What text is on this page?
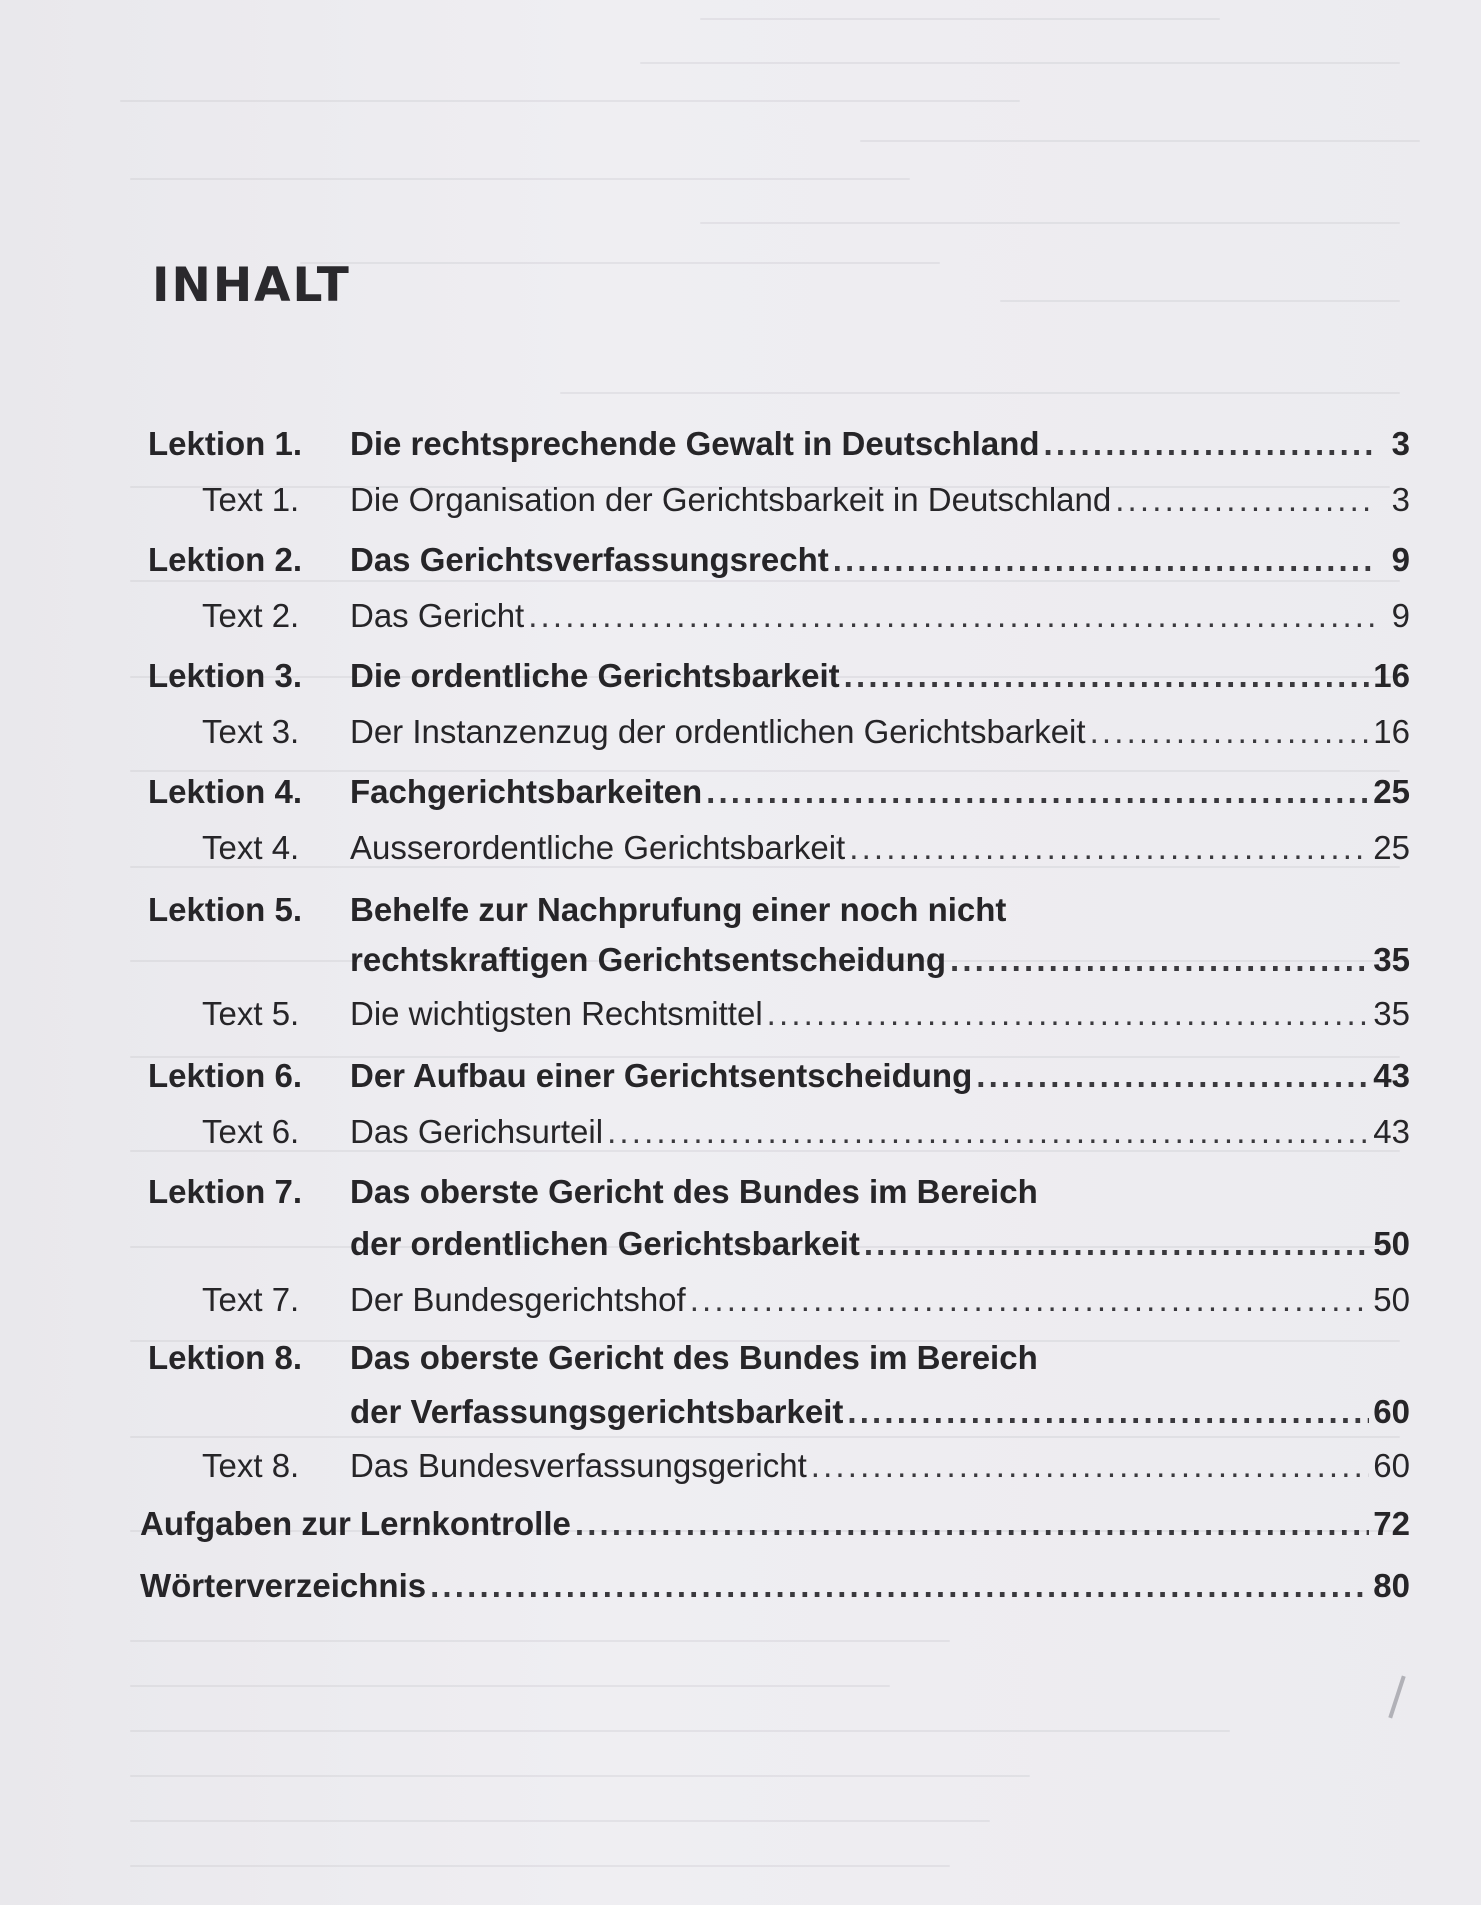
INHALT
Lektion 1. Die rechtsprechende Gewalt in Deutschland . . .	3
Text 1. Die Organisation der Gerichtsbarkeit in Deutschland . . .	3
Lektion 2. Das Gerichtsverfassungsrecht . . .	9
Text 2. Das Gericht . . .	9
Lektion 3. Die ordentliche Gerichtsbarkeit . . .	16
Text 3. Der Instanzenzug der ordentlichen Gerichtsbarkeit . . .	16
Lektion 4. Fachgerichtsbarkeiten . . .	25
Text 4. Ausserordentliche Gerichtsbarkeit . . .	25
Lektion 5. Behelfe zur Nachprufung einer noch nicht
rechtskraftigen Gerichtsentscheidung . . .	35
Text 5. Die wichtigsten Rechtsmittel . . .	35
Lektion 6. Der Aufbau einer Gerichtsentscheidung . . .	43
Text 6. Das Gerichsurteil . . .	43
Lektion 7. Das oberste Gericht des Bundes im Bereich
der ordentlichen Gerichtsbarkeit . . .	50
Text 7. Der Bundesgerichtshof . . .	50
Lektion 8. Das oberste Gericht des Bundes im Bereich
der Verfassungsgerichtsbarkeit . . .	60
Text 8. Das Bundesverfassungsgericht . . .	60
Aufgaben zur Lernkontrolle . . .	72
Wörterverzeichnis . . .	80
